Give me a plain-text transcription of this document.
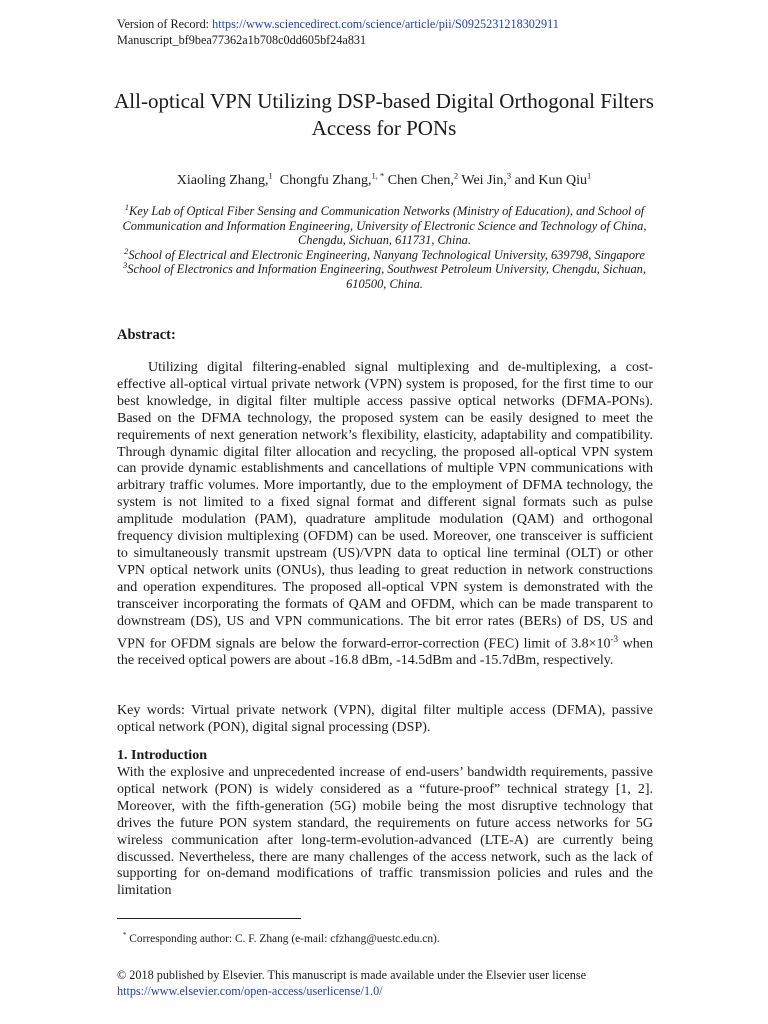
Version of Record: https://www.sciencedirect.com/science/article/pii/S0925231218302911
Manuscript_bf9bea77362a1b708c0dd605bf24a831
All-optical VPN Utilizing DSP-based Digital Orthogonal Filters Access for PONs
Xiaoling Zhang,$^1$ Chongfu Zhang,$^{1, *}$ Chen Chen,$^2$ Wei Jin,$^3$ and Kun Qiu$^1$
$^1$Key Lab of Optical Fiber Sensing and Communication Networks (Ministry of Education), and School of Communication and Information Engineering, University of Electronic Science and Technology of China, Chengdu, Sichuan, 611731, China.
$^2$School of Electrical and Electronic Engineering, Nanyang Technological University, 639798, Singapore
$^3$School of Electronics and Information Engineering, Southwest Petroleum University, Chengdu, Sichuan, 610500, China.
Abstract:

Utilizing digital filtering-enabled signal multiplexing and de-multiplexing, a cost-effective all-optical virtual private network (VPN) system is proposed, for the first time to our best knowledge, in digital filter multiple access passive optical networks (DFMA-PONs). Based on the DFMA technology, the proposed system can be easily designed to meet the requirements of next generation network’s flexibility, elasticity, adaptability and compatibility. Through dynamic digital filter allocation and recycling, the proposed all-optical VPN system can provide dynamic establishments and cancellations of multiple VPN communications with arbitrary traffic volumes. More importantly, due to the employment of DFMA technology, the system is not limited to a fixed signal format and different signal formats such as pulse amplitude modulation (PAM), quadrature amplitude modulation (QAM) and orthogonal frequency division multiplexing (OFDM) can be used. Moreover, one transceiver is sufficient to simultaneously transmit upstream (US)/VPN data to optical line terminal (OLT) or other VPN optical network units (ONUs), thus leading to great reduction in network constructions and operation expenditures. The proposed all-optical VPN system is demonstrated with the transceiver incorporating the formats of QAM and OFDM, which can be made transparent to downstream (DS), US and VPN communications. The bit error rates (BERs) of DS, US and VPN for OFDM signals are below the forward-error-correction (FEC) limit of $3.8\times 10^{-3}$ when the received optical powers are about -16.8 dBm, -14.5dBm and -15.7dBm, respectively.

Key words: Virtual private network (VPN), digital filter multiple access (DFMA), passive optical network (PON), digital signal processing (DSP).
1. Introduction
With the explosive and unprecedented increase of end-users’ bandwidth requirements, passive optical network (PON) is widely considered as a “future-proof” technical strategy [1, 2]. Moreover, with the fifth-generation (5G) mobile being the most disruptive technology that drives the future PON system standard, the requirements on future access networks for 5G wireless communication after long-term-evolution-advanced (LTE-A) are currently being discussed. Nevertheless, there are many challenges of the access network, such as the lack of supporting for on-demand modifications of traffic transmission policies and rules and the limitation
* Corresponding author: C. F. Zhang (e-mail: cfzhang@uestc.edu.cn).
© 2018 published by Elsevier. This manuscript is made available under the Elsevier user license
https://www.elsevier.com/open-access/userlicense/1.0/
